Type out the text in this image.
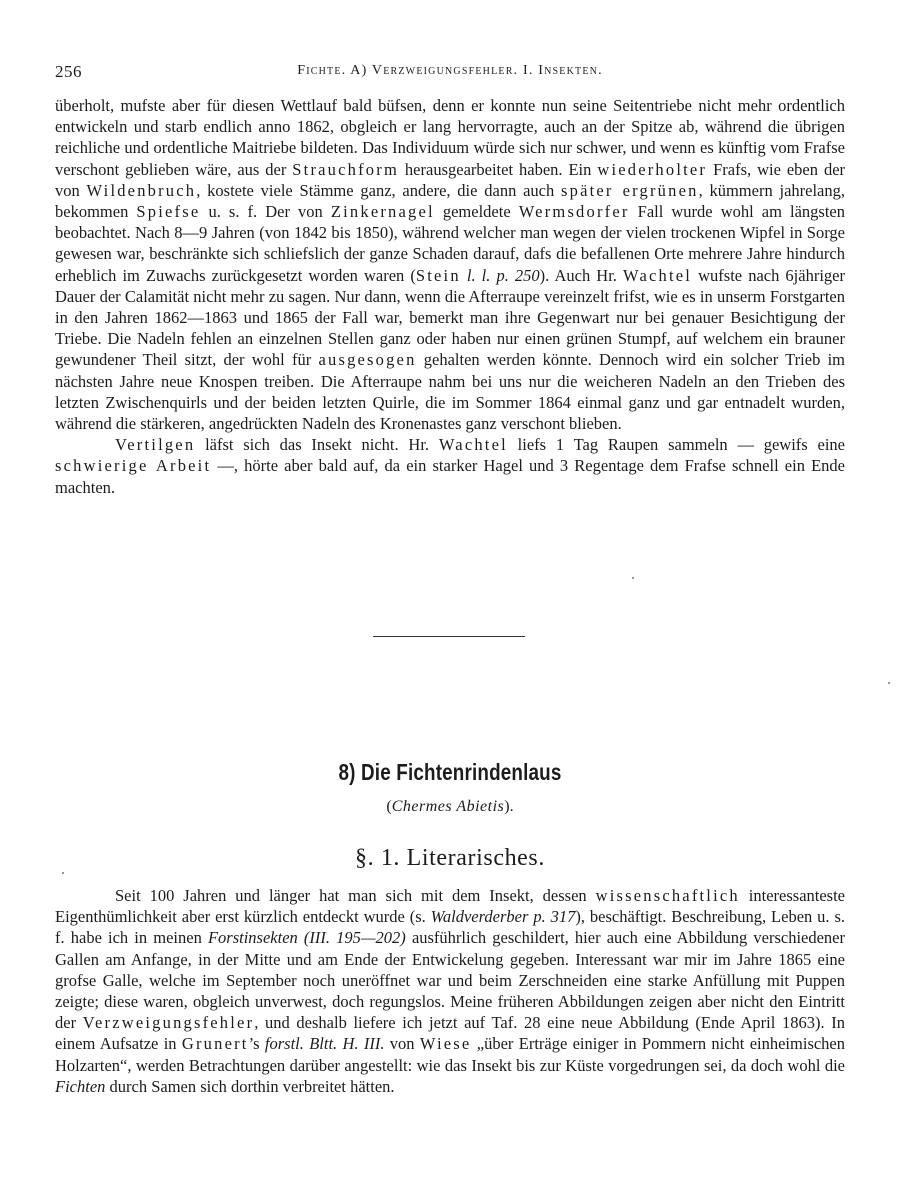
256	Fichte. A) Verzweigungsfehler. I. Insekten.

überholt, mufste aber für diesen Wettlauf bald büfsen, denn er konnte nun seine Seitentriebe nicht mehr ordentlich entwickeln und starb endlich anno 1862, obgleich er lang hervorragte, auch an der Spitze ab, während die übrigen reichliche und ordentliche Maitriebe bildeten. Das Individuum würde sich nur schwer, und wenn es künftig vom Frafse verschont geblieben wäre, aus der Strauchform herausgearbeitet haben. Ein wiederholter Frafs, wie eben der von Wildenbruch, kostete viele Stämme ganz, andere, die dann auch später ergrünen, kümmern jahrelang, bekommen Spiefse u. s. f. Der von Zinkernagel gemeldete Wermsdorfer Fall wurde wohl am längsten beobachtet. Nach 8—9 Jahren (von 1842 bis 1850), während welcher man wegen der vielen trockenen Wipfel in Sorge gewesen war, beschränkte sich schliefslich der ganze Schaden darauf, dafs die befallenen Orte mehrere Jahre hindurch erheblich im Zuwachs zurückgesetzt worden waren (Stein l. l. p. 250). Auch Hr. Wachtel wufste nach 6jähriger Dauer der Calamität nicht mehr zu sagen. Nur dann, wenn die Afterraupe vereinzelt frifst, wie es in unserm Forstgarten in den Jahren 1862—1863 und 1865 der Fall war, bemerkt man ihre Gegenwart nur bei genauer Besichtigung der Triebe. Die Nadeln fehlen an einzelnen Stellen ganz oder haben nur einen grünen Stumpf, auf welchem ein brauner gewundener Theil sitzt, der wohl für ausgesogen gehalten werden könnte. Dennoch wird ein solcher Trieb im nächsten Jahre neue Knospen treiben. Die Afterraupe nahm bei uns nur die weicheren Nadeln an den Trieben des letzten Zwischenquirls und der beiden letzten Quirle, die im Sommer 1864 einmal ganz und gar entnadelt wurden, während die stärkeren, angedrückten Nadeln des Kronenastes ganz verschont blieben.

Vertilgen läfst sich das Insekt nicht. Hr. Wachtel liefs 1 Tag Raupen sammeln — gewifs eine schwierige Arbeit —, hörte aber bald auf, da ein starker Hagel und 3 Regentage dem Frafse schnell ein Ende machten.

8) Die Fichtenrindenlaus
(Chermes Abietis).
§. 1. Literarisches.

Seit 100 Jahren und länger hat man sich mit dem Insekt, dessen wissenschaftlich interessanteste Eigenthümlichkeit aber erst kürzlich entdeckt wurde (s. Waldverderber p. 317), beschäftigt. Beschreibung, Leben u. s. f. habe ich in meinen Forstinsekten (III. 195—202) ausführlich geschildert, hier auch eine Abbildung verschiedener Gallen am Anfange, in der Mitte und am Ende der Entwickelung gegeben. Interessant war mir im Jahre 1865 eine grofse Galle, welche im September noch uneröffnet war und beim Zerschneiden eine starke Anfüllung mit Puppen zeigte; diese waren, obgleich unverwest, doch regungslos. Meine früheren Abbildungen zeigen aber nicht den Eintritt der Verzweigungsfehler, und deshalb liefere ich jetzt auf Taf. 28 eine neue Abbildung (Ende April 1863). In einem Aufsatze in Grunert’s forstl. Bltt. H. III. von Wiese „über Erträge einiger in Pommern nicht einheimischen Holzarten“, werden Betrachtungen darüber angestellt: wie das Insekt bis zur Küste vorgedrungen sei, da doch wohl die Fichten durch Samen sich dorthin verbreitet hätten.
